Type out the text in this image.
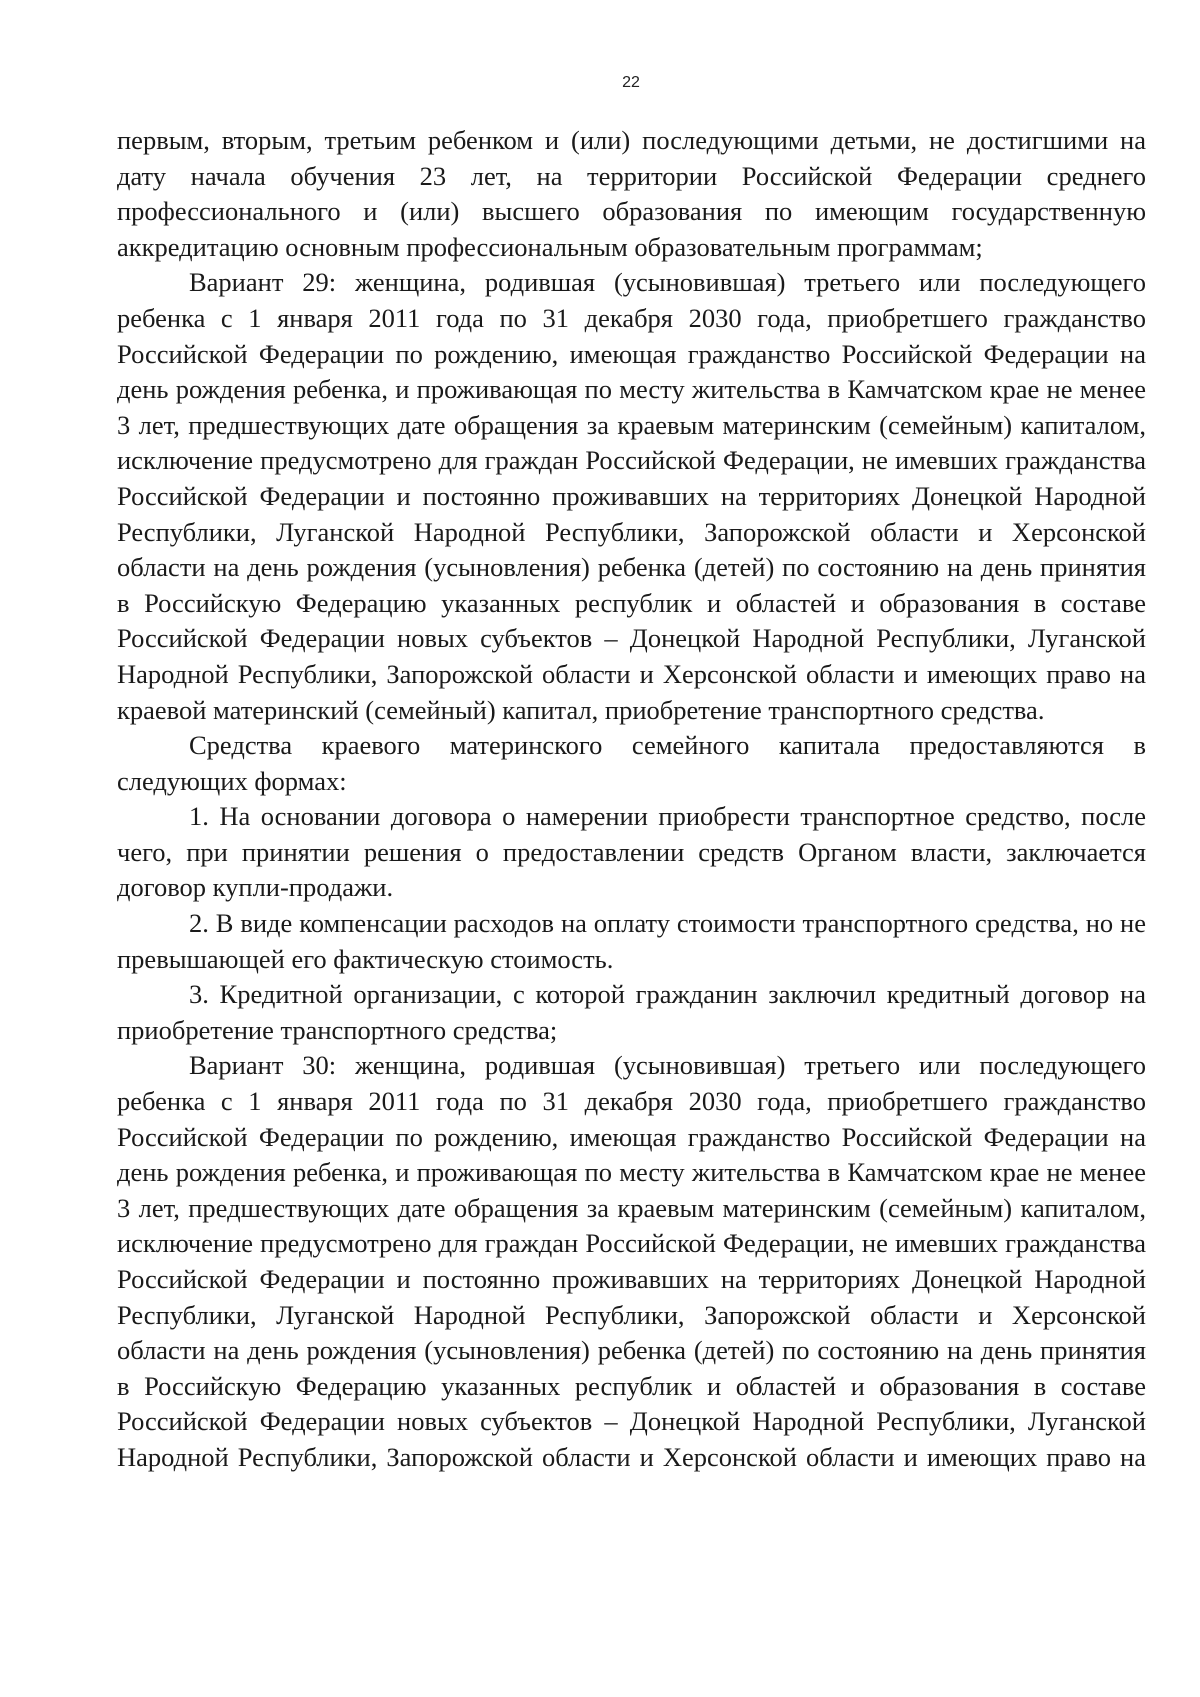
22

первым, вторым, третьим ребенком и (или) последующими детьми, не достигшими на дату начала обучения 23 лет, на территории Российской Федерации среднего профессионального и (или) высшего образования по имеющим государственную аккредитацию основным профессиональным образовательным программам;

Вариант 29: женщина, родившая (усыновившая) третьего или последующего ребенка с 1 января 2011 года по 31 декабря 2030 года, приобретшего гражданство Российской Федерации по рождению, имеющая гражданство Российской Федерации на день рождения ребенка, и проживающая по месту жительства в Камчатском крае не менее 3 лет, предшествующих дате обращения за краевым материнским (семейным) капиталом, исключение предусмотрено для граждан Российской Федерации, не имевших гражданства Российской Федерации и постоянно проживавших на территориях Донецкой Народной Республики, Луганской Народной Республики, Запорожской области и Херсонской области на день рождения (усыновления) ребенка (детей) по состоянию на день принятия в Российскую Федерацию указанных республик и областей и образования в составе Российской Федерации новых субъектов – Донецкой Народной Республики, Луганской Народной Республики, Запорожской области и Херсонской области и имеющих право на краевой материнский (семейный) капитал, приобретение транспортного средства.

Средства краевого материнского семейного капитала предоставляются в следующих формах:

1. На основании договора о намерении приобрести транспортное средство, после чего, при принятии решения о предоставлении средств Органом власти, заключается договор купли-продажи.

2. В виде компенсации расходов на оплату стоимости транспортного средства, но не превышающей его фактическую стоимость.

3. Кредитной организации, с которой гражданин заключил кредитный договор на приобретение транспортного средства;

Вариант 30: женщина, родившая (усыновившая) третьего или последующего ребенка с 1 января 2011 года по 31 декабря 2030 года, приобретшего гражданство Российской Федерации по рождению, имеющая гражданство Российской Федерации на день рождения ребенка, и проживающая по месту жительства в Камчатском крае не менее 3 лет, предшествующих дате обращения за краевым материнским (семейным) капиталом, исключение предусмотрено для граждан Российской Федерации, не имевших гражданства Российской Федерации и постоянно проживавших на территориях Донецкой Народной Республики, Луганской Народной Республики, Запорожской области и Херсонской области на день рождения (усыновления) ребенка (детей) по состоянию на день принятия в Российскую Федерацию указанных республик и областей и образования в составе Российской Федерации новых субъектов – Донецкой Народной Республики, Луганской Народной Республики, Запорожской области и Херсонской области и имеющих право на
